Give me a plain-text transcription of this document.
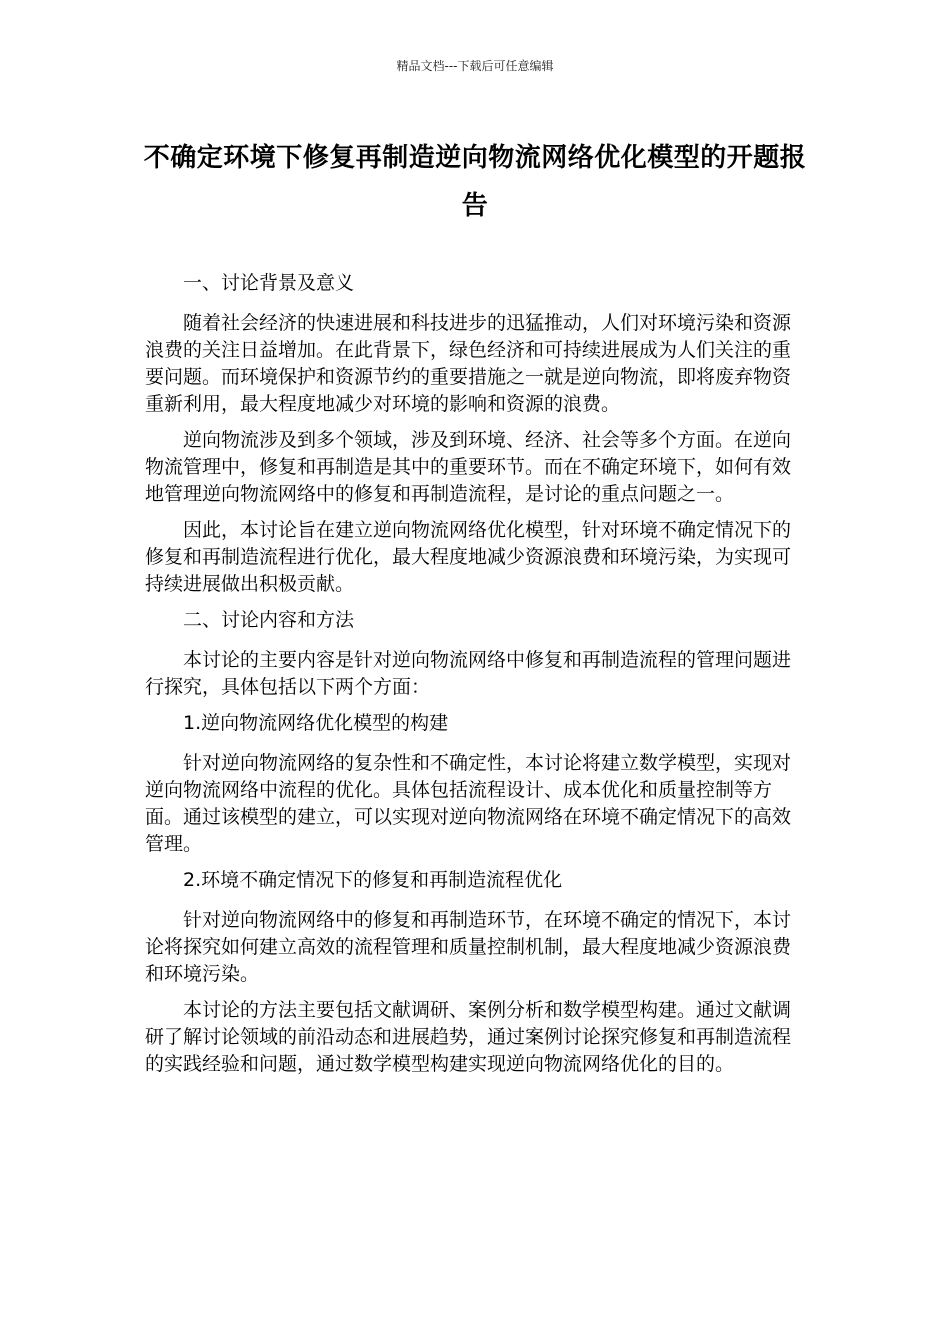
精品文档---下载后可任意编辑
不确定环境下修复再制造逆向物流网络优化模型的开题报告

一、讨论背景及意义

随着社会经济的快速进展和科技进步的迅猛推动，人们对环境污染和资源浪费的关注日益增加。在此背景下，绿色经济和可持续进展成为人们关注的重要问题。而环境保护和资源节约的重要措施之一就是逆向物流，即将废弃物资重新利用，最大程度地减少对环境的影响和资源的浪费。

逆向物流涉及到多个领域，涉及到环境、经济、社会等多个方面。在逆向物流管理中，修复和再制造是其中的重要环节。而在不确定环境下，如何有效地管理逆向物流网络中的修复和再制造流程，是讨论的重点问题之一。

因此，本讨论旨在建立逆向物流网络优化模型，针对环境不确定情况下的修复和再制造流程进行优化，最大程度地减少资源浪费和环境污染，为实现可持续进展做出积极贡献。

二、讨论内容和方法

本讨论的主要内容是针对逆向物流网络中修复和再制造流程的管理问题进行探究，具体包括以下两个方面：

1.逆向物流网络优化模型的构建

针对逆向物流网络的复杂性和不确定性，本讨论将建立数学模型，实现对逆向物流网络中流程的优化。具体包括流程设计、成本优化和质量控制等方面。通过该模型的建立，可以实现对逆向物流网络在环境不确定情况下的高效管理。

2.环境不确定情况下的修复和再制造流程优化

针对逆向物流网络中的修复和再制造环节，在环境不确定的情况下，本讨论将探究如何建立高效的流程管理和质量控制机制，最大程度地减少资源浪费和环境污染。

本讨论的方法主要包括文献调研、案例分析和数学模型构建。通过文献调研了解讨论领域的前沿动态和进展趋势，通过案例讨论探究修复和再制造流程的实践经验和问题，通过数学模型构建实现逆向物流网络优化的目的。
